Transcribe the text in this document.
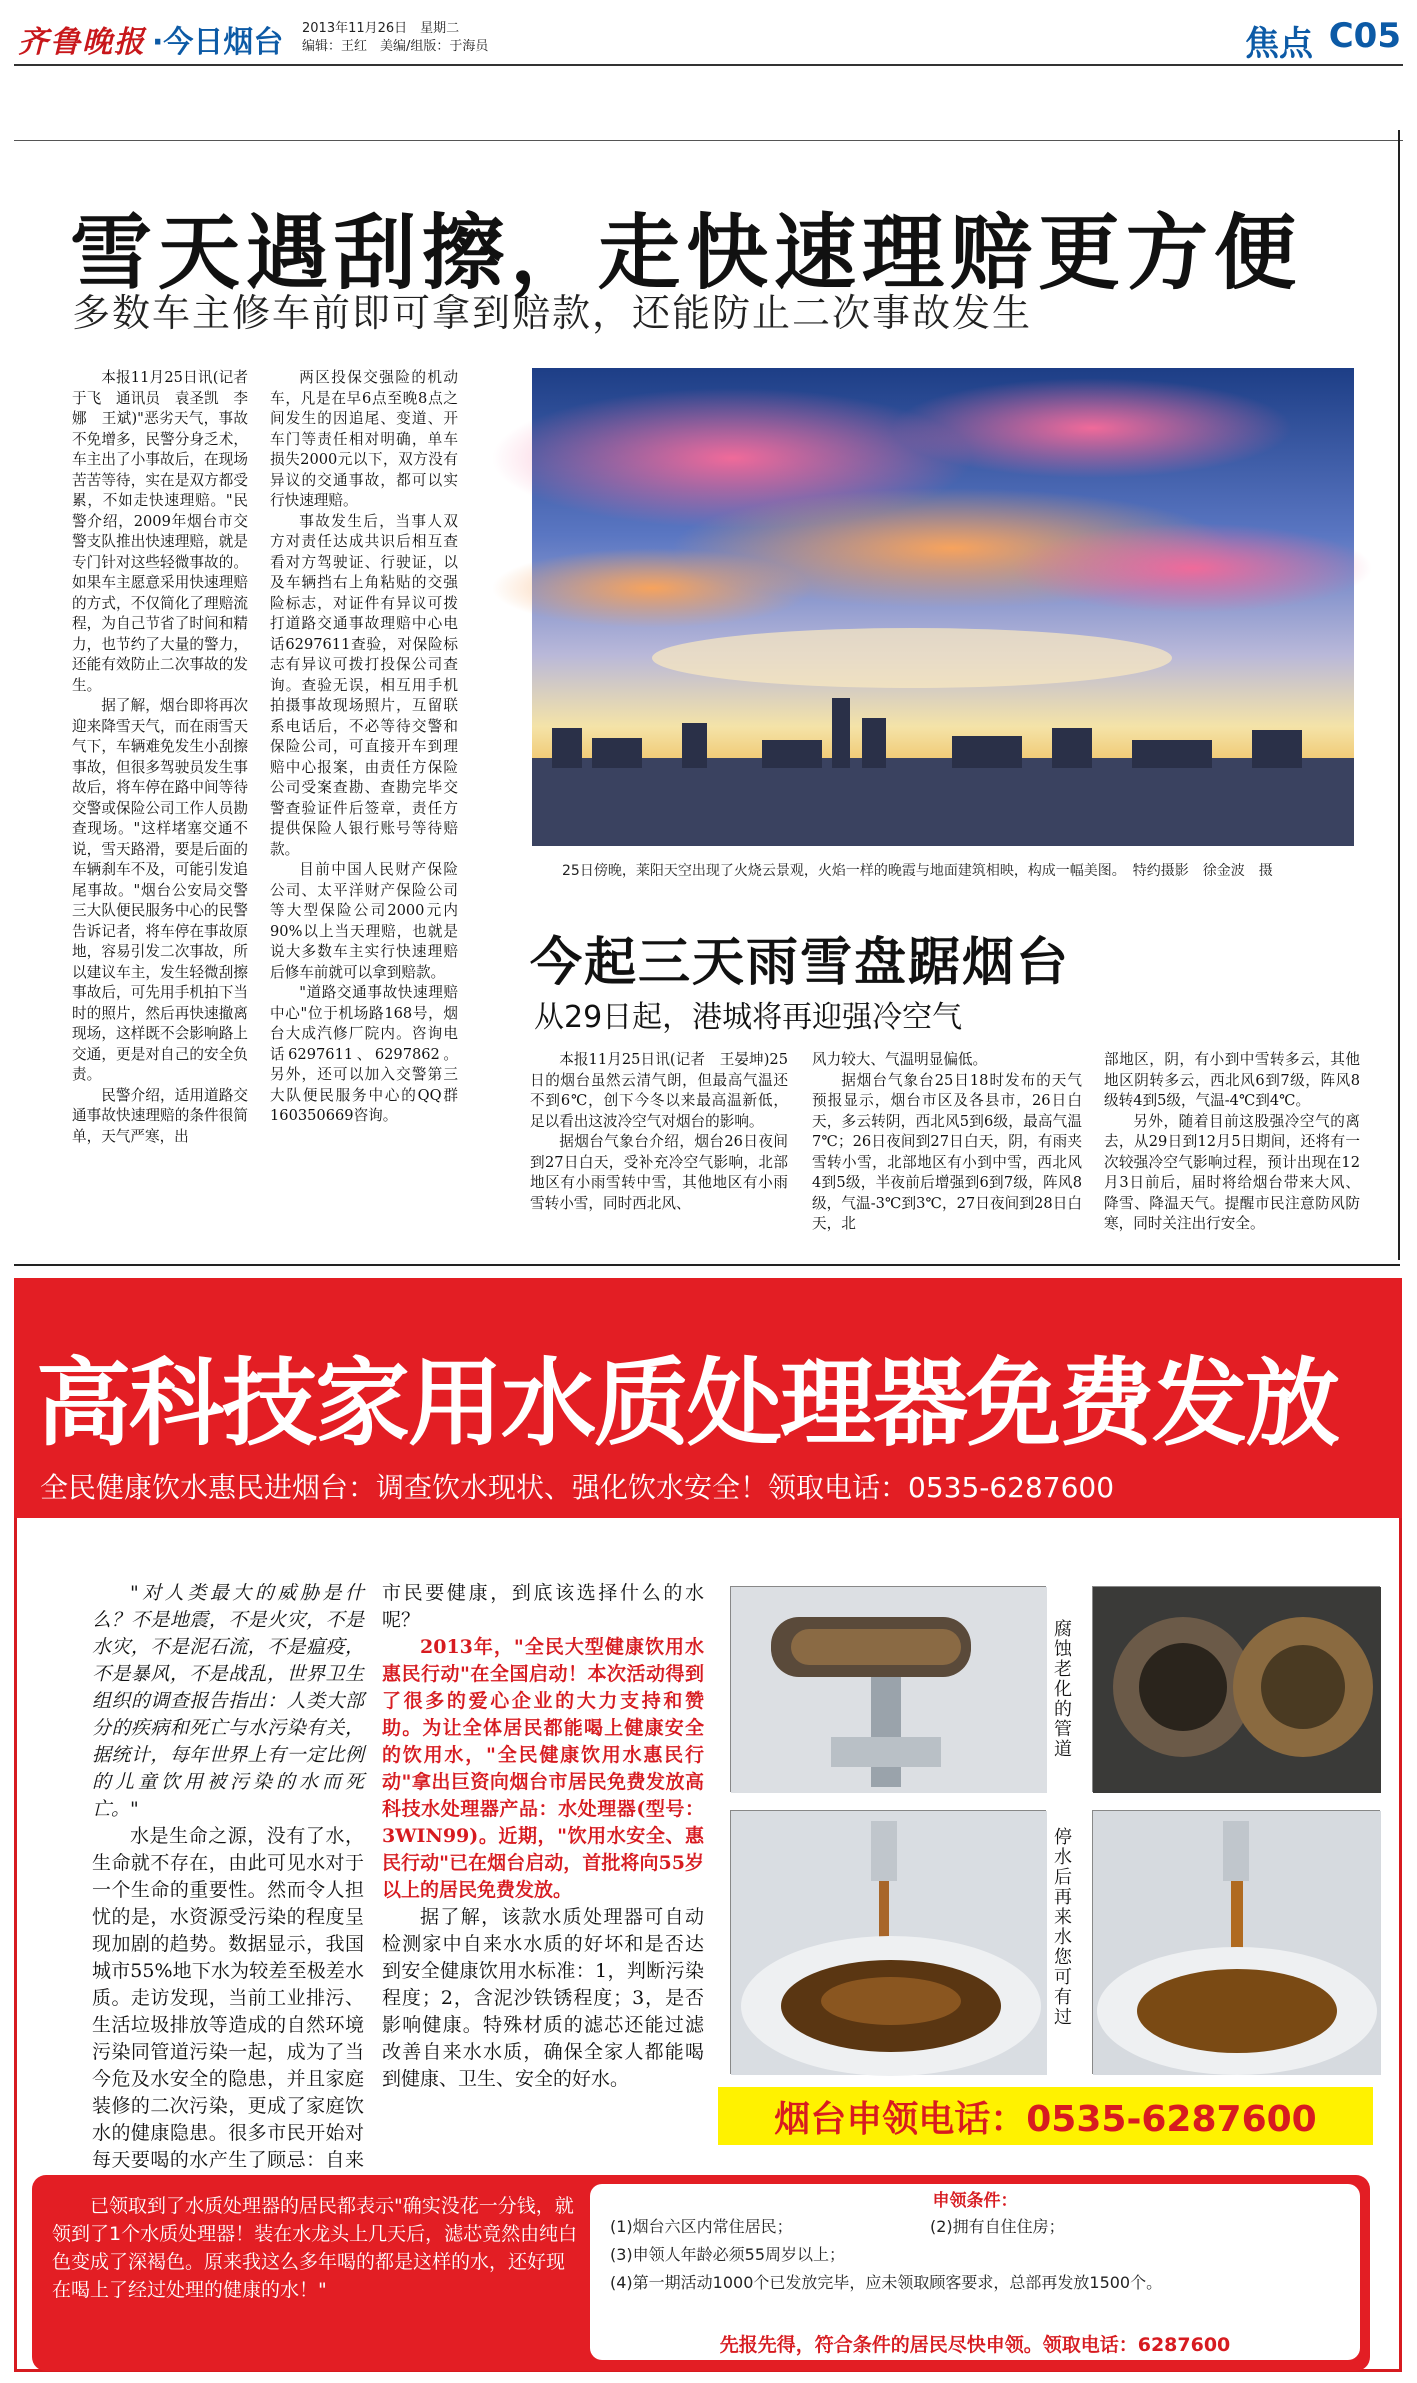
齐鲁晚报 ·今日烟台 2013年11月26日　星期二
编辑：王红　美编/组版：于海员	焦点 C05
雪天遇刮擦，走快速理赔更方便
多数车主修车前即可拿到赔款，还能防止二次事故发生

本报11月25日讯(记者　于飞　通讯员　袁圣凯　李娜　王斌)"恶劣天气，事故不免增多，民警分身乏术，车主出了小事故后，在现场苦苦等待，实在是双方都受累，不如走快速理赔。"民警介绍，2009年烟台市交警支队推出快速理赔，就是专门针对这些轻微事故的。如果车主愿意采用快速理赔的方式，不仅简化了理赔流程，为自己节省了时间和精力，也节约了大量的警力，还能有效防止二次事故的发生。

据了解，烟台即将再次迎来降雪天气，而在雨雪天气下，车辆难免发生小刮擦事故，但很多驾驶员发生事故后，将车停在路中间等待交警或保险公司工作人员勘查现场。"这样堵塞交通不说，雪天路滑，要是后面的车辆刹车不及，可能引发追尾事故。"烟台公安局交警三大队便民服务中心的民警告诉记者，将车停在事故原地，容易引发二次事故，所以建议车主，发生轻微刮擦事故后，可先用手机拍下当时的照片，然后再快速撤离现场，这样既不会影响路上交通，更是对自己的安全负责。

民警介绍，适用道路交通事故快速理赔的条件很简单，天气严寒，出

两区投保交强险的机动车，凡是在早6点至晚8点之间发生的因追尾、变道、开车门等责任相对明确，单车损失2000元以下，双方没有异议的交通事故，都可以实行快速理赔。

事故发生后，当事人双方对责任达成共识后相互查看对方驾驶证、行驶证，以及车辆挡右上角粘贴的交强险标志，对证件有异议可拨打道路交通事故理赔中心电话6297611查验，对保险标志有异议可拨打投保公司查询。查验无误，相互用手机拍摄事故现场照片，互留联系电话后，不必等待交警和保险公司，可直接开车到理赔中心报案，由责任方保险公司受案查勘、查勘完毕交警查验证件后签章，责任方提供保险人银行账号等待赔款。

目前中国人民财产保险公司、太平洋财产保险公司等大型保险公司2000元内90%以上当天理赔，也就是说大多数车主实行快速理赔后修车前就可以拿到赔款。

"道路交通事故快速理赔中心"位于机场路168号，烟台大成汽修厂院内。咨询电话6297611、6297862。另外，还可以加入交警第三大队便民服务中心的QQ群160350669咨询。

25日傍晚，莱阳天空出现了火烧云景观，火焰一样的晚霞与地面建筑相映，构成一幅美图。　特约摄影　徐金波　摄
今起三天雨雪盘踞烟台
从29日起，港城将再迎强冷空气

本报11月25日讯(记者　王晏坤)25日的烟台虽然云清气朗，但最高气温还不到6℃，创下今冬以来最高温新低，足以看出这波冷空气对烟台的影响。

据烟台气象台介绍，烟台26日夜间到27日白天，受补充冷空气影响，北部地区有小雨雪转中雪，其他地区有小雨雪转小雪，同时西北风、

风力较大、气温明显偏低。

据烟台气象台25日18时发布的天气预报显示，烟台市区及各县市，26日白天，多云转阴，西北风5到6级，最高气温7℃；26日夜间到27日白天，阴，有雨夹雪转小雪，北部地区有小到中雪，西北风4到5级，半夜前后增强到6到7级，阵风8级，气温-3℃到3℃，27日夜间到28日白天，北

部地区，阴，有小到中雪转多云，其他地区阴转多云，西北风6到7级，阵风8级转4到5级，气温-4℃到4℃。

另外，随着目前这股强冷空气的离去，从29日到12月5日期间，还将有一次较强冷空气影响过程，预计出现在12月3日前后，届时将给烟台带来大风、降雪、降温天气。提醒市民注意防风防寒，同时关注出行安全。

高科技家用水质处理器免费发放
全民健康饮水惠民进烟台：调查饮水现状、强化饮水安全！领取电话：0535-6287600

"对人类最大的威胁是什么？不是地震，不是火灾，不是水灾，不是泥石流，不是瘟疫，不是暴风，不是战乱，世界卫生组织的调查报告指出：人类大部分的疾病和死亡与水污染有关，据统计，每年世界上有一定比例的儿童饮用被污染的水而死亡。"

水是生命之源，没有了水，生命就不存在，由此可见水对于一个生命的重要性。然而令人担忧的是，水资源受污染的程度呈现加剧的趋势。数据显示，我国城市55%地下水为较差至极差水质。走访发现，当前工业排污、生活垃圾排放等造成的自然环境污染同管道污染一起，成为了当今危及水安全的隐患，并且家庭装修的二次污染，更成了家庭饮水的健康隐患。很多市民开始对每天要喝的水产生了顾忌：自来

市民要健康，到底该选择什么的水呢？

2013年，"全民大型健康饮用水惠民行动"在全国启动！本次活动得到了很多的爱心企业的大力支持和赞助。为让全体居民都能喝上健康安全的饮用水，"全民健康饮用水惠民行动"拿出巨资向烟台市居民免费发放高科技水处理器产品：水处理器(型号：3WIN99)。近期，"饮用水安全、惠民行动"已在烟台启动，首批将向55岁以上的居民免费发放。

据了解，该款水质处理器可自动检测家中自来水水质的好坏和是否达到安全健康饮用水标准：1，判断污染程度；2，含泥沙铁锈程度；3，是否影响健康。特殊材质的滤芯还能过滤改善自来水水质，确保全家人都能喝到健康、卫生、安全的好水。

腐蚀老化的管道
停水后再来水您可有过
烟台申领电话：0535-6287600

已领取到了水质处理器的居民都表示"确实没花一分钱，就领到了1个水质处理器！装在水龙头上几天后，滤芯竟然由纯白色变成了深褐色。原来我这么多年喝的都是这样的水，还好现在喝上了经过处理的健康的水！"

申领条件：
(1)烟台六区内常住居民；	(2)拥有自住住房；
(3)申领人年龄必须55周岁以上；
(4)第一期活动1000个已发放完毕，应未领取顾客要求，总部再发放1500个。
先报先得，符合条件的居民尽快申领。领取电话：6287600
